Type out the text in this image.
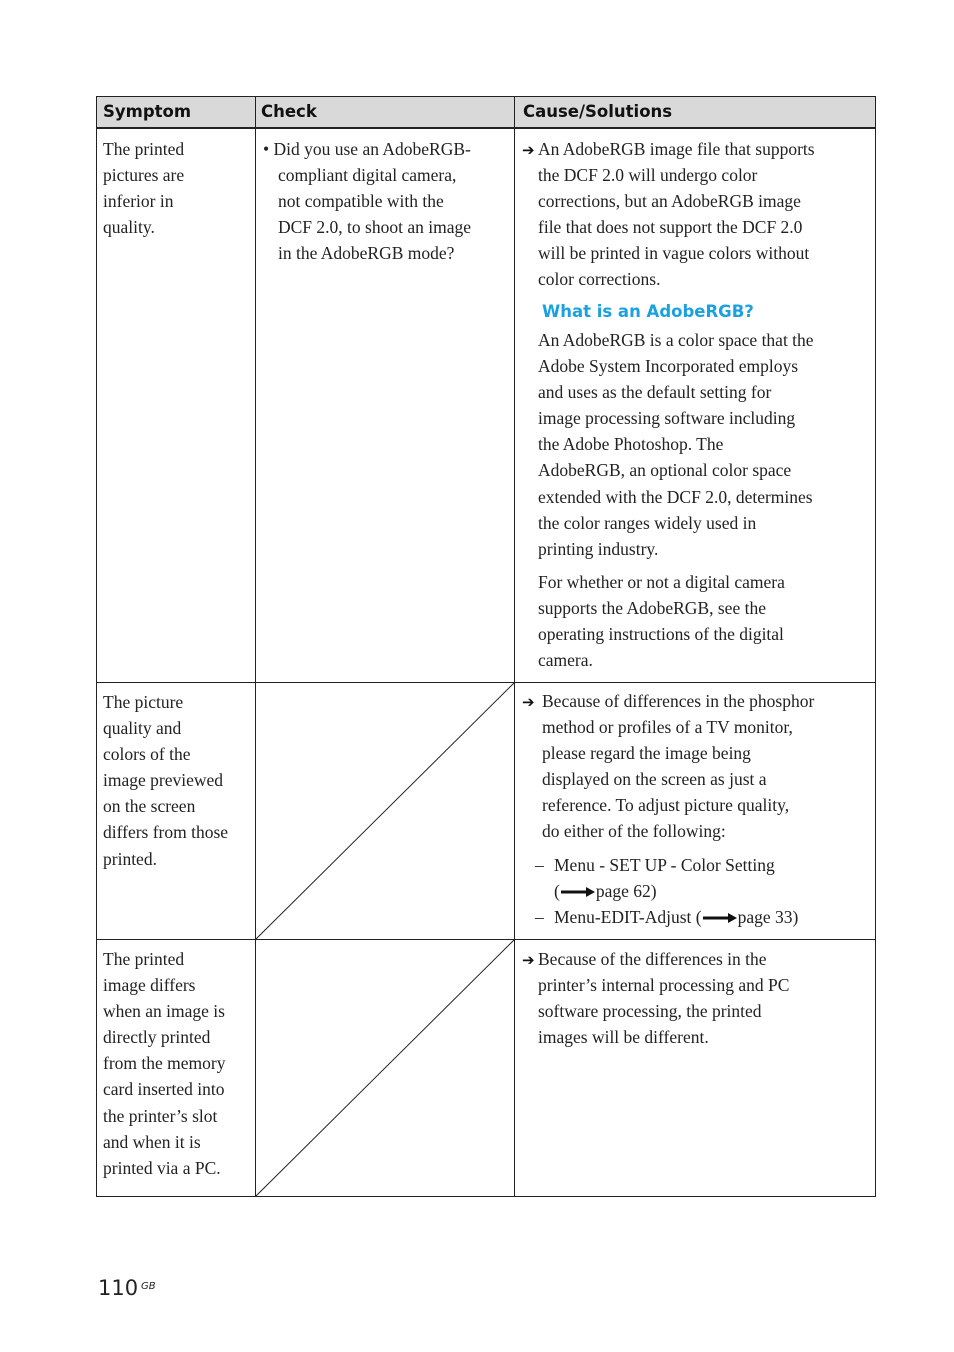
Symptom	Check	Cause/Solutions

The printed

pictures are

inferior in

quality.

• Did you use an AdobeRGB-

compliant digital camera,

not compatible with the

DCF 2.0, to shoot an image

in the AdobeRGB mode?

➔ An AdobeRGB image file that supports

the DCF 2.0 will undergo color

corrections, but an AdobeRGB image

file that does not support the DCF 2.0

will be printed in vague colors without

color corrections.

What is an AdobeRGB?

An AdobeRGB is a color space that the

Adobe System Incorporated employs

and uses as the default setting for

image processing software including

the Adobe Photoshop. The

AdobeRGB, an optional color space

extended with the DCF 2.0, determines

the color ranges widely used in

printing industry.

For whether or not a digital camera

supports the AdobeRGB, see the

operating instructions of the digital

camera.

The picture

quality and

colors of the

image previewed

on the screen

differs from those

printed.

➔ Because of differences in the phosphor

method or profiles of a TV monitor,

please regard the image being

displayed on the screen as just a

reference. To adjust picture quality,

do either of the following:

– Menu - SET UP - Color Setting

( page 62)

– Menu-EDIT-Adjust ( page 33)

The printed

image differs

when an image is

directly printed

from the memory

card inserted into

the printer’s slot

and when it is

printed via a PC.

➔ Because of the differences in the

printer’s internal processing and PC

software processing, the printed

images will be different.

110 GB
